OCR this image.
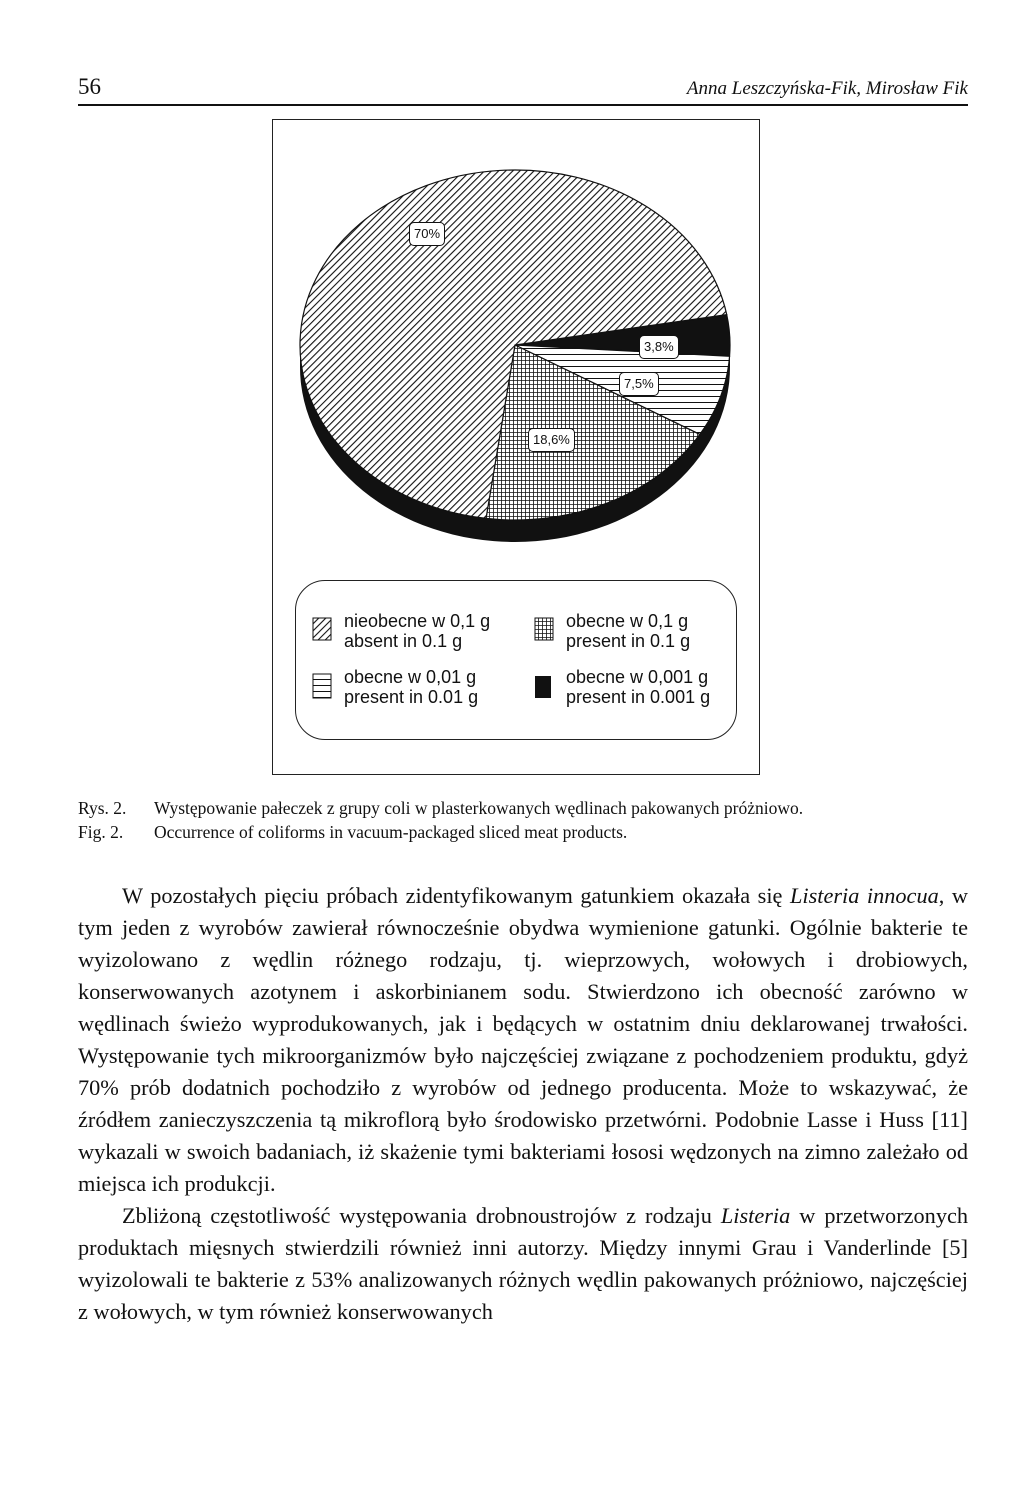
56	Anna Leszczyńska-Fik, Mirosław Fik
3,8%
7,5%
18,6%
70%
nieobecne w 0,1 g
absent in 0.1 g
obecne w 0,1 g
present in 0.1 g
obecne w 0,01 g
present in 0.01 g
obecne w 0,001 g
present in 0.001 g
Rys. 2.	Występowanie pałeczek z grupy coli w plasterkowanych wędlinach pakowanych próżniowo.
Fig. 2.	Occurrence of coliforms in vacuum-packaged sliced meat products.

W pozostałych pięciu próbach zidentyfikowanym gatunkiem okazała się Listeria innocua, w tym jeden z wyrobów zawierał równocześnie obydwa wymienione gatunki. Ogólnie bakterie te wyizolowano z wędlin różnego rodzaju, tj. wieprzowych, wołowych i drobiowych, konserwowanych azotynem i askorbinianem sodu. Stwierdzono ich obecność zarówno w wędlinach świeżo wyprodukowanych, jak i będących w ostatnim dniu deklarowanej trwałości. Występowanie tych mikroorganizmów było najczęściej związane z pochodzeniem produktu, gdyż 70% prób dodatnich pochodziło z wyrobów od jednego producenta. Może to wskazywać, że źródłem zanieczyszczenia tą mikroflorą było środowisko przetwórni. Podobnie Lasse i Huss [11] wykazali w swoich badaniach, iż skażenie tymi bakteriami łososi wędzonych na zimno zależało od miejsca ich produkcji.

Zbliżoną częstotliwość występowania drobnoustrojów z rodzaju Listeria w przetworzonych produktach mięsnych stwierdzili również inni autorzy. Między innymi Grau i Vanderlinde [5] wyizolowali te bakterie z 53% analizowanych różnych wędlin pakowanych próżniowo, najczęściej z wołowych, w tym również konserwowanych
